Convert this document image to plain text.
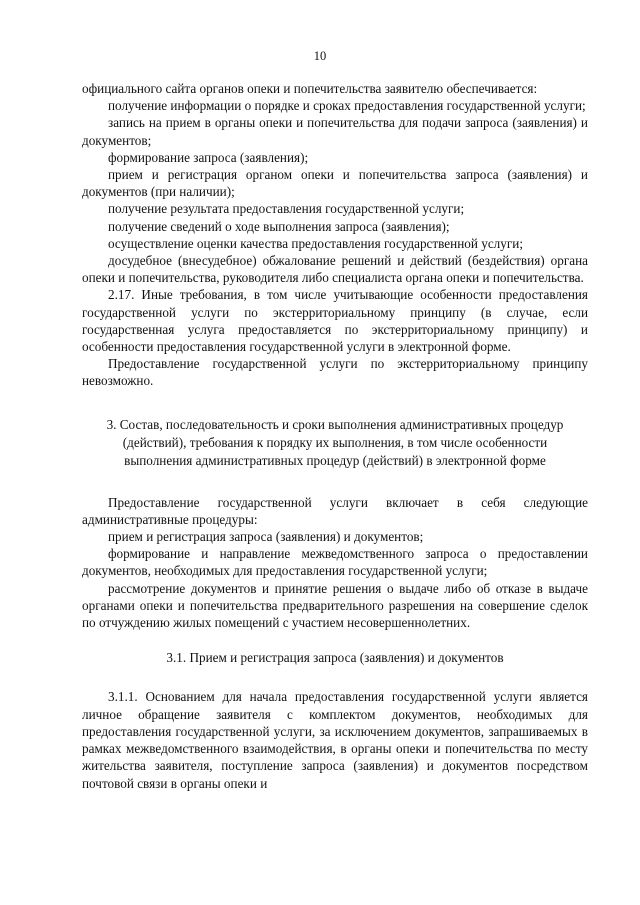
10

официального сайта органов опеки и попечительства заявителю обеспечивается:

получение информации о порядке и сроках предоставления государственной услуги;

запись на прием в органы опеки и попечительства для подачи запроса (заявления) и документов;

формирование запроса (заявления);

прием и регистрация органом опеки и попечительства запроса (заявления) и документов (при наличии);

получение результата предоставления государственной услуги;

получение сведений о ходе выполнения запроса (заявления);

осуществление оценки качества предоставления государственной услуги;

досудебное (внесудебное) обжалование решений и действий (бездействия) органа опеки и попечительства, руководителя либо специалиста органа опеки и попечительства.

2.17. Иные требования, в том числе учитывающие особенности предоставления государственной услуги по экстерриториальному принципу (в случае, если государственная услуга предоставляется по экстерриториальному принципу) и особенности предоставления государственной услуги в электронной форме.

Предоставление государственной услуги по экстерриториальному принципу невозможно.

3. Состав, последовательность и сроки выполнения административных процедур (действий), требования к порядку их выполнения, в том числе особенности выполнения административных процедур (действий) в электронной форме

Предоставление государственной услуги включает в себя следующие административные процедуры:

прием и регистрация запроса (заявления) и документов;

формирование и направление межведомственного запроса о предоставлении документов, необходимых для предоставления государственной услуги;

рассмотрение документов и принятие решения о выдаче либо об отказе в выдаче органами опеки и попечительства предварительного разрешения на совершение сделок по отчуждению жилых помещений с участием несовершеннолетних.

3.1. Прием и регистрация запроса (заявления) и документов

3.1.1. Основанием для начала предоставления государственной услуги является личное обращение заявителя с комплектом документов, необходимых для предоставления государственной услуги, за исключением документов, запрашиваемых в рамках межведомственного взаимодействия, в органы опеки и попечительства по месту жительства заявителя, поступление запроса (заявления) и документов посредством почтовой связи в органы опеки и
